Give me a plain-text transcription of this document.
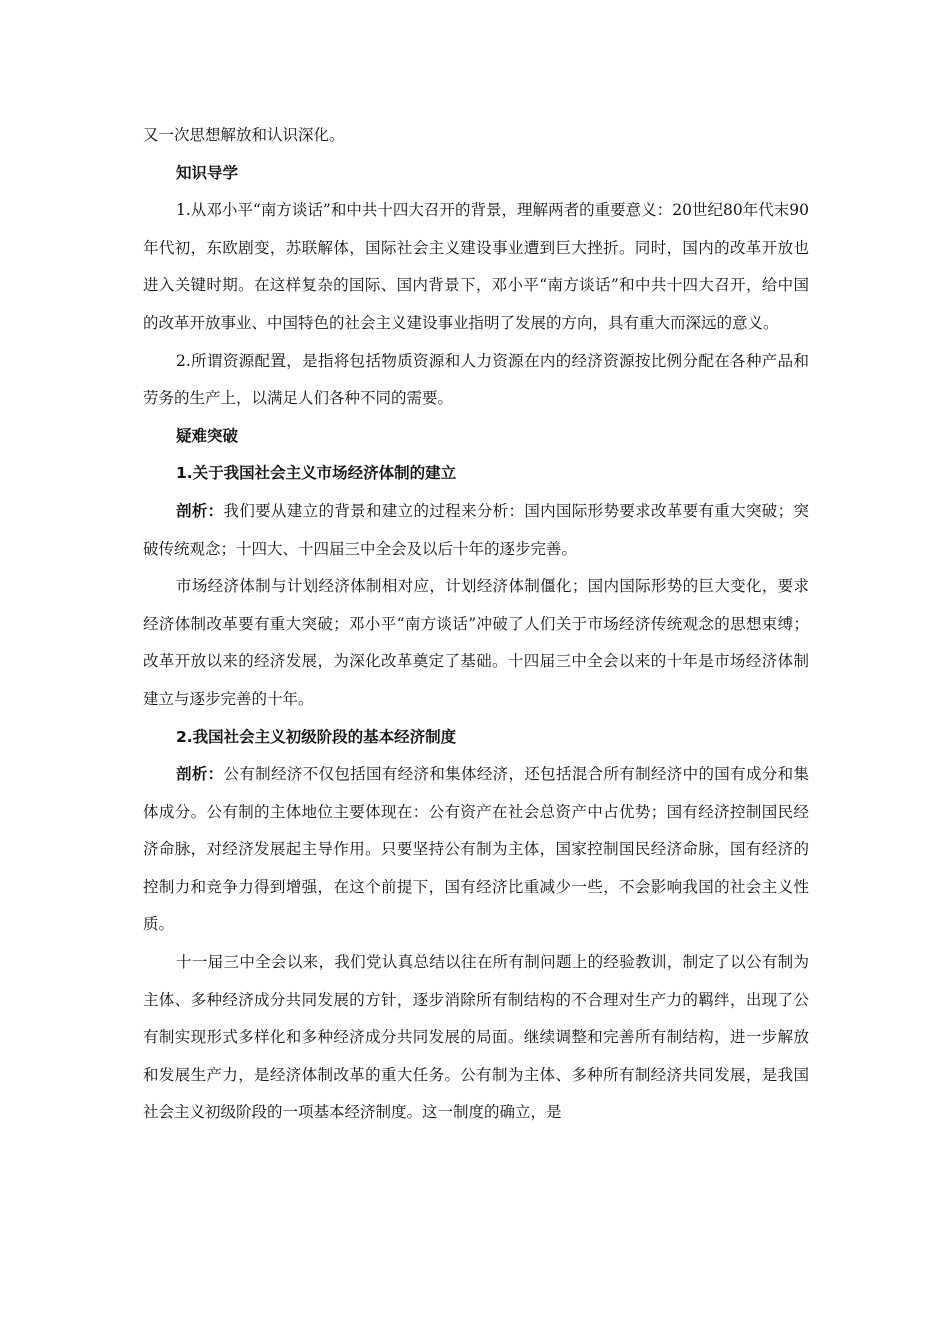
又一次思想解放和认识深化。

知识导学

1.从邓小平“南方谈话”和中共十四大召开的背景，理解两者的重要意义：20世纪80年代末90年代初，东欧剧变，苏联解体，国际社会主义建设事业遭到巨大挫折。同时，国内的改革开放也进入关键时期。在这样复杂的国际、国内背景下，邓小平“南方谈话”和中共十四大召开，给中国的改革开放事业、中国特色的社会主义建设事业指明了发展的方向，具有重大而深远的意义。

2.所谓资源配置，是指将包括物质资源和人力资源在内的经济资源按比例分配在各种产品和劳务的生产上，以满足人们各种不同的需要。

疑难突破

1.关于我国社会主义市场经济体制的建立

剖析：我们要从建立的背景和建立的过程来分析：国内国际形势要求改革要有重大突破；突破传统观念；十四大、十四届三中全会及以后十年的逐步完善。

市场经济体制与计划经济体制相对应，计划经济体制僵化；国内国际形势的巨大变化，要求经济体制改革要有重大突破；邓小平“南方谈话”冲破了人们关于市场经济传统观念的思想束缚；改革开放以来的经济发展，为深化改革奠定了基础。十四届三中全会以来的十年是市场经济体制建立与逐步完善的十年。

2.我国社会主义初级阶段的基本经济制度

剖析：公有制经济不仅包括国有经济和集体经济，还包括混合所有制经济中的国有成分和集体成分。公有制的主体地位主要体现在：公有资产在社会总资产中占优势；国有经济控制国民经济命脉，对经济发展起主导作用。只要坚持公有制为主体，国家控制国民经济命脉，国有经济的控制力和竞争力得到增强，在这个前提下，国有经济比重减少一些，不会影响我国的社会主义性质。

十一届三中全会以来，我们党认真总结以往在所有制问题上的经验教训，制定了以公有制为主体、多种经济成分共同发展的方针，逐步消除所有制结构的不合理对生产力的羁绊，出现了公有制实现形式多样化和多种经济成分共同发展的局面。继续调整和完善所有制结构，进一步解放和发展生产力，是经济体制改革的重大任务。公有制为主体、多种所有制经济共同发展，是我国社会主义初级阶段的一项基本经济制度。这一制度的确立，是
